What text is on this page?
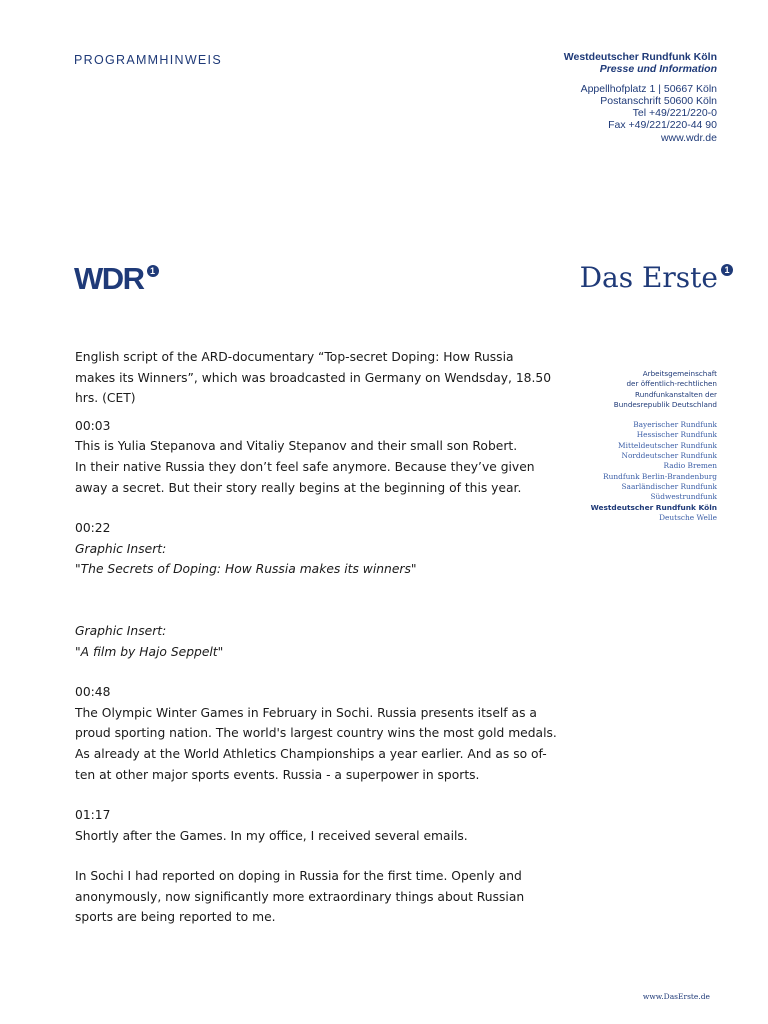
PROGRAMMHINWEIS	Westdeutscher Rundfunk Köln
Presse und Information
Appellhofplatz 1 | 50667 Köln
Postanschrift 50600 Köln
Tel +49/221/220-0
Fax +49/221/220-44 90
www.wdr.de
WDR 1	Das Erste 1
Arbeitsgemeinschaft
der öffentlich-rechtlichen
Rundfunkanstalten der
Bundesrepublik Deutschland
Bayerischer Rundfunk
Hessischer Rundfunk
Mitteldeutscher Rundfunk
Norddeutscher Rundfunk
Radio Bremen
Rundfunk Berlin-Brandenburg
Saarländischer Rundfunk
Südwestrundfunk
Westdeutscher Rundfunk Köln
Deutsche Welle

English script of the ARD-documentary “Top-secret Doping: How Russia
makes its Winners”, which was broadcasted in Germany on Wendsday, 18.50
hrs. (CET)

00:03
This is Yulia Stepanova and Vitaliy Stepanov and their small son Robert.
In their native Russia they don’t feel safe anymore. Because they’ve given
away a secret. But their story really begins at the beginning of this year.

00:22
Graphic Insert:
"The Secrets of Doping: How Russia makes its winners"

Graphic Insert:
"A film by Hajo Seppelt"

00:48
The Olympic Winter Games in February in Sochi. Russia presents itself as a
proud sporting nation. The world's largest country wins the most gold medals.
As already at the World Athletics Championships a year earlier. And as so of-
ten at other major sports events. Russia - a superpower in sports.

01:17
Shortly after the Games. In my office, I received several emails.

In Sochi I had reported on doping in Russia for the first time. Openly and
anonymously, now significantly more extraordinary things about Russian
sports are being reported to me.

www.DasErste.de
